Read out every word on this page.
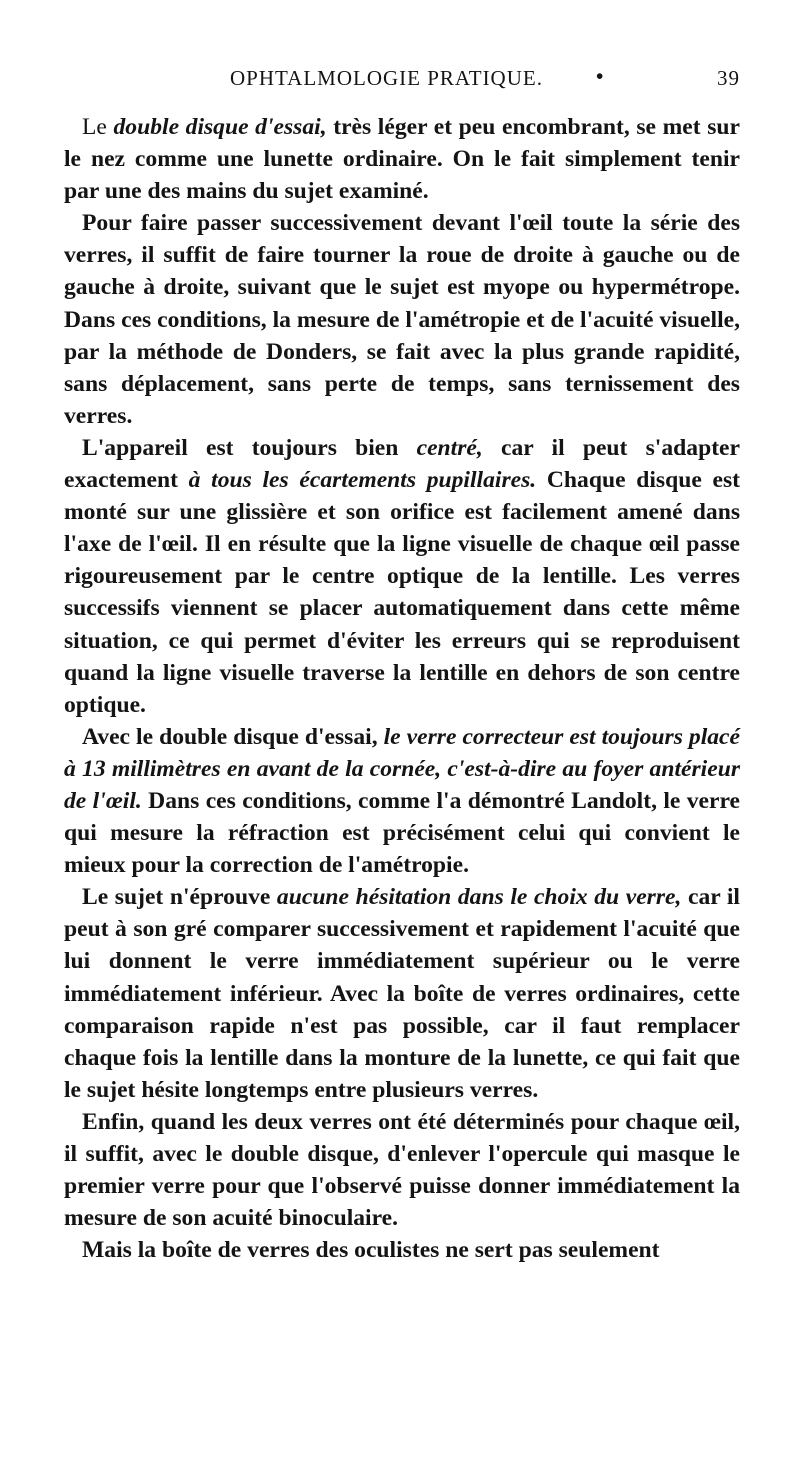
OPHTALMOLOGIE PRATIQUE.	•	39

Le double disque d'essai, très léger et peu encombrant, se met sur le nez comme une lunette ordinaire. On le fait simplement tenir par une des mains du sujet examiné.

Pour faire passer successivement devant l'œil toute la série des verres, il suffit de faire tourner la roue de droite à gauche ou de gauche à droite, suivant que le sujet est myope ou hypermétrope. Dans ces conditions, la mesure de l'amétropie et de l'acuité visuelle, par la méthode de Donders, se fait avec la plus grande rapidité, sans déplacement, sans perte de temps, sans ternissement des verres.

L'appareil est toujours bien centré, car il peut s'adapter exactement à tous les écartements pupillaires. Chaque disque est monté sur une glissière et son orifice est facilement amené dans l'axe de l'œil. Il en résulte que la ligne visuelle de chaque œil passe rigoureusement par le centre optique de la lentille. Les verres successifs viennent se placer automatiquement dans cette même situation, ce qui permet d'éviter les erreurs qui se reproduisent quand la ligne visuelle traverse la lentille en dehors de son centre optique.

Avec le double disque d'essai, le verre correcteur est toujours placé à 13 millimètres en avant de la cornée, c'est-à-dire au foyer antérieur de l'œil. Dans ces conditions, comme l'a démontré Landolt, le verre qui mesure la réfraction est précisément celui qui convient le mieux pour la correction de l'amétropie.

Le sujet n'éprouve aucune hésitation dans le choix du verre, car il peut à son gré comparer successivement et rapidement l'acuité que lui donnent le verre immédiatement supérieur ou le verre immédiatement inférieur. Avec la boîte de verres ordinaires, cette comparaison rapide n'est pas possible, car il faut remplacer chaque fois la lentille dans la monture de la lunette, ce qui fait que le sujet hésite longtemps entre plusieurs verres.

Enfin, quand les deux verres ont été déterminés pour chaque œil, il suffit, avec le double disque, d'enlever l'opercule qui masque le premier verre pour que l'observé puisse donner immédiatement la mesure de son acuité binoculaire.

Mais la boîte de verres des oculistes ne sert pas seulement
